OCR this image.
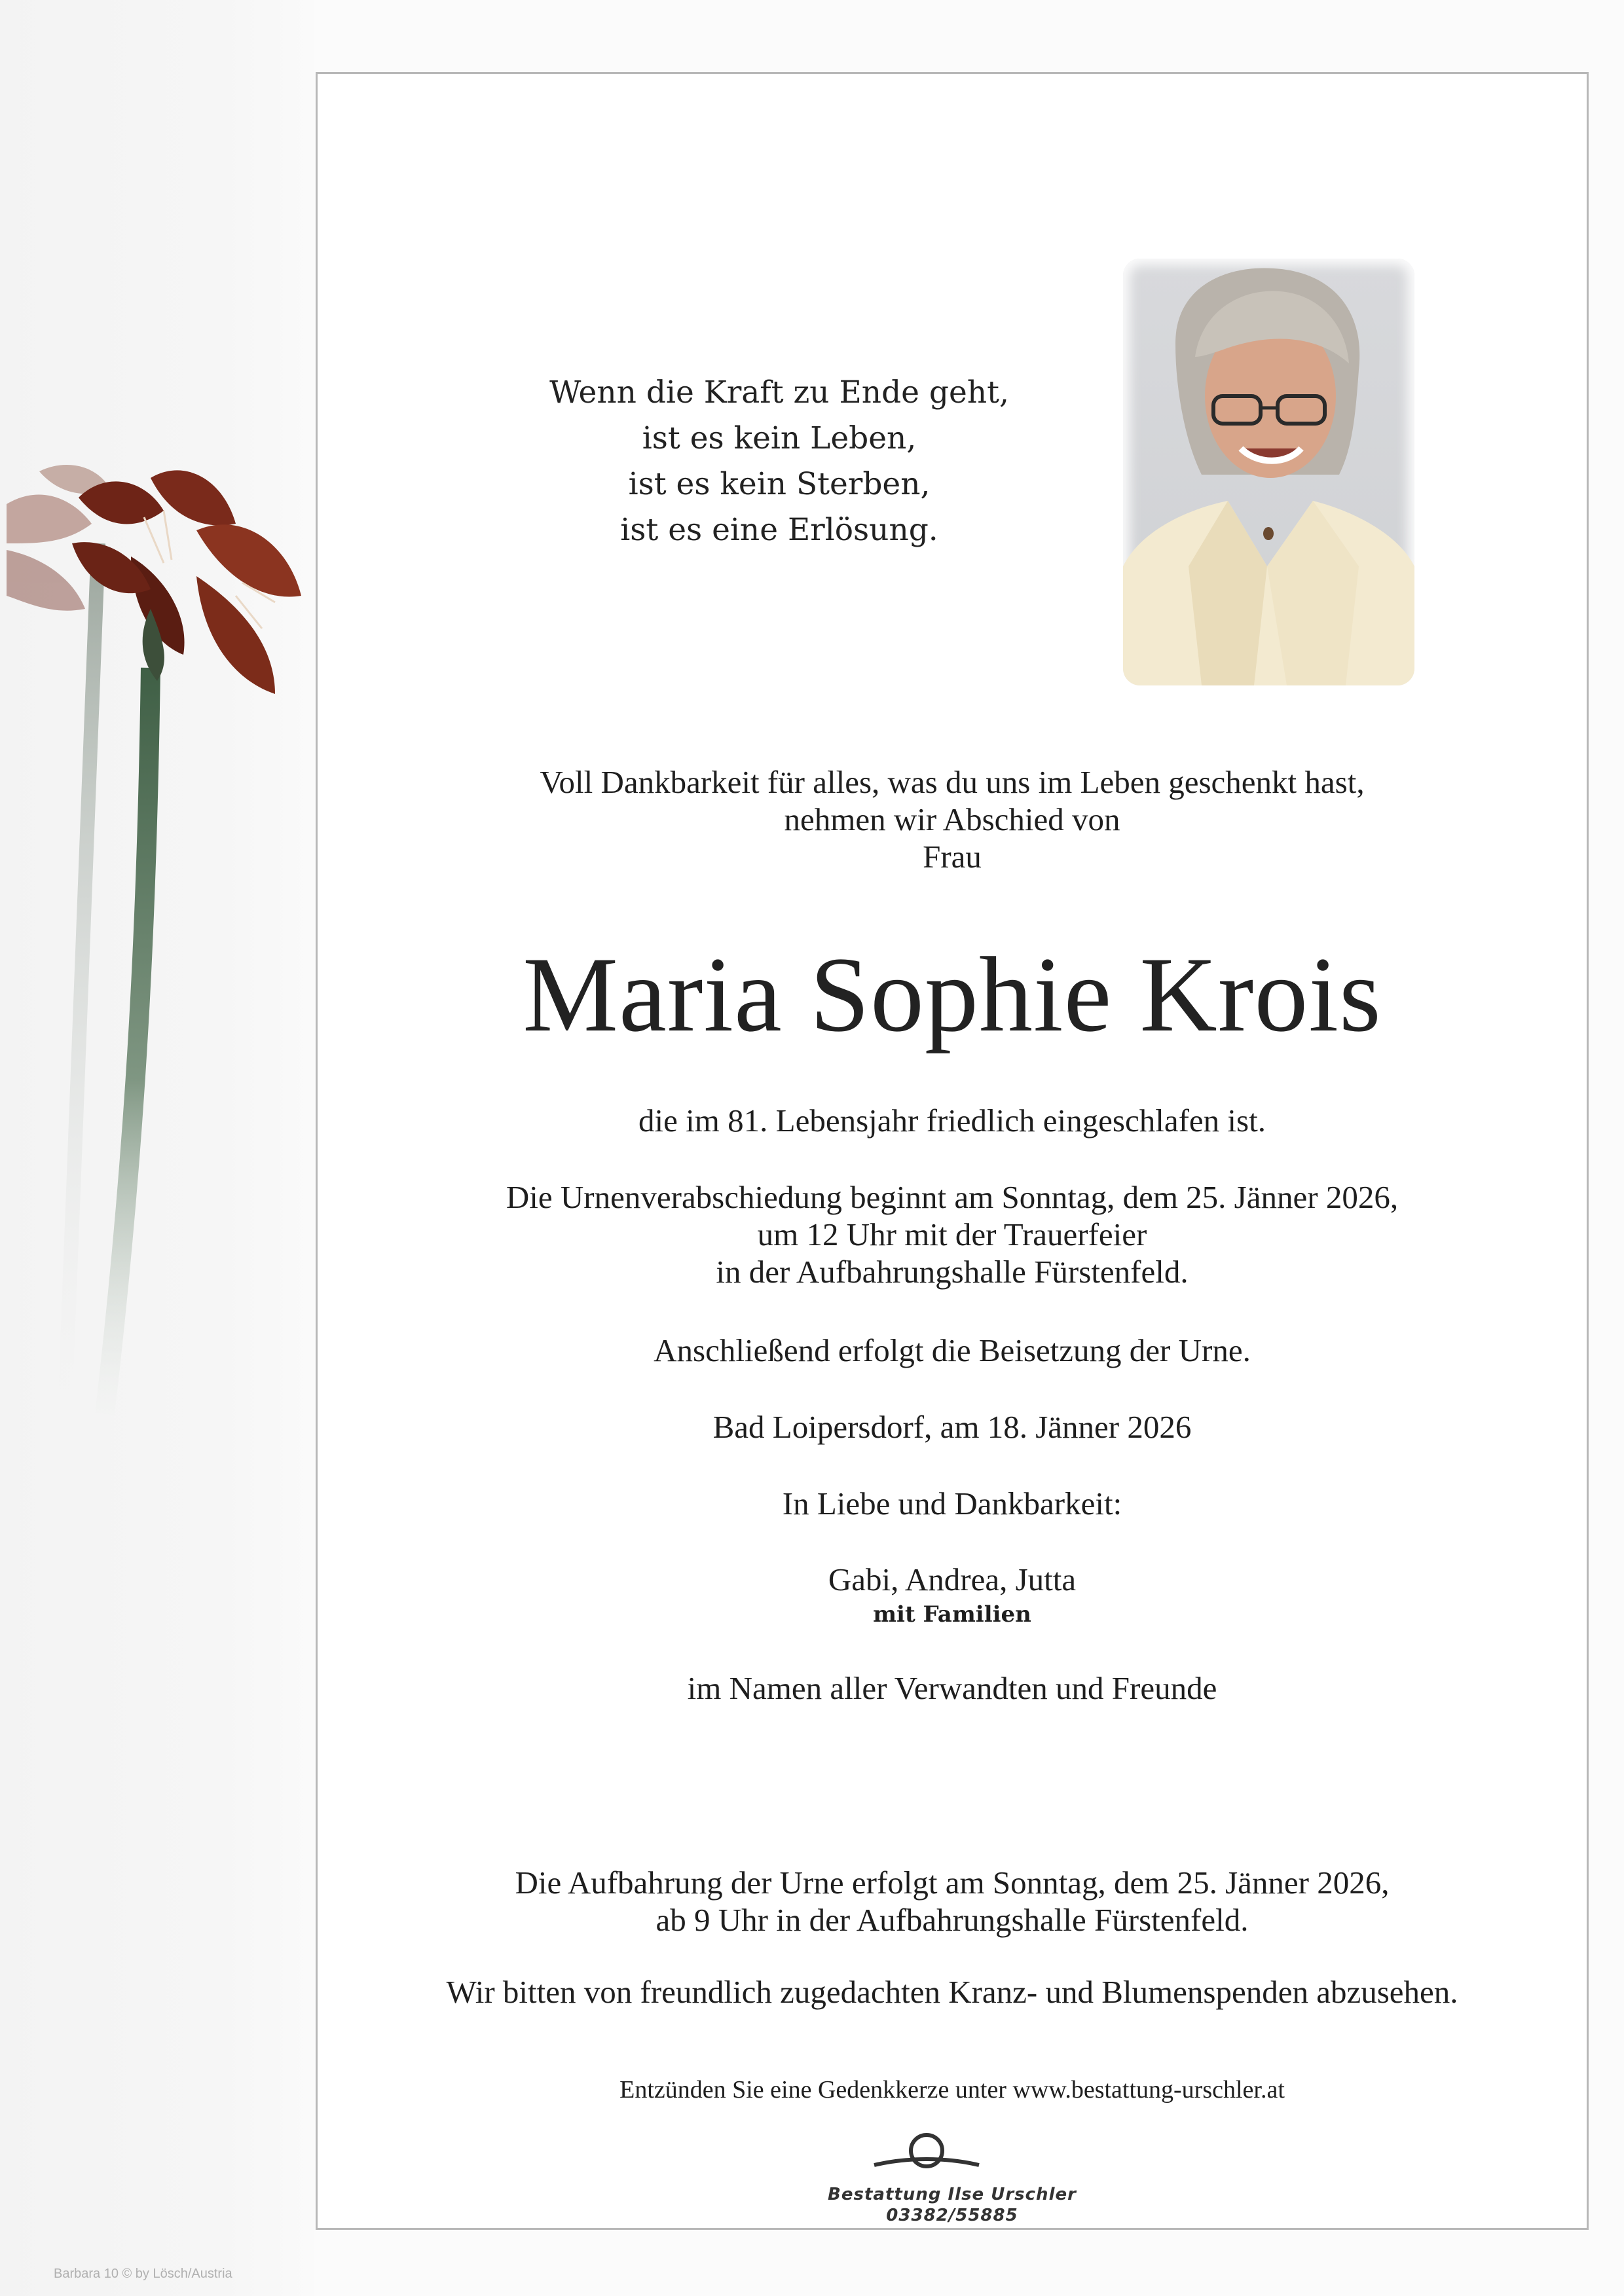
Wenn die Kraft zu Ende geht,
ist es kein Leben,
ist es kein Sterben,
ist es eine Erlösung.
Voll Dankbarkeit für alles, was du uns im Leben geschenkt hast,
nehmen wir Abschied von
Frau
Maria Sophie Krois
die im 81. Lebensjahr friedlich eingeschlafen ist.
Die Urnenverabschiedung beginnt am Sonntag, dem 25. Jänner 2026,
um 12 Uhr mit der Trauerfeier
in der Aufbahrungshalle Fürstenfeld.
Anschließend erfolgt die Beisetzung der Urne.
Bad Loipersdorf, am 18. Jänner 2026
In Liebe und Dankbarkeit:
Gabi, Andrea, Jutta
mit Familien
im Namen aller Verwandten und Freunde
Die Aufbahrung der Urne erfolgt am Sonntag, dem 25. Jänner 2026,
ab 9 Uhr in der Aufbahrungshalle Fürstenfeld.
Wir bitten von freundlich zugedachten Kranz- und Blumenspenden abzusehen.
Entzünden Sie eine Gedenkkerze unter www.bestattung-urschler.at
Bestattung Ilse Urschler
03382/55885
Barbara 10 © by Lösch/Austria
